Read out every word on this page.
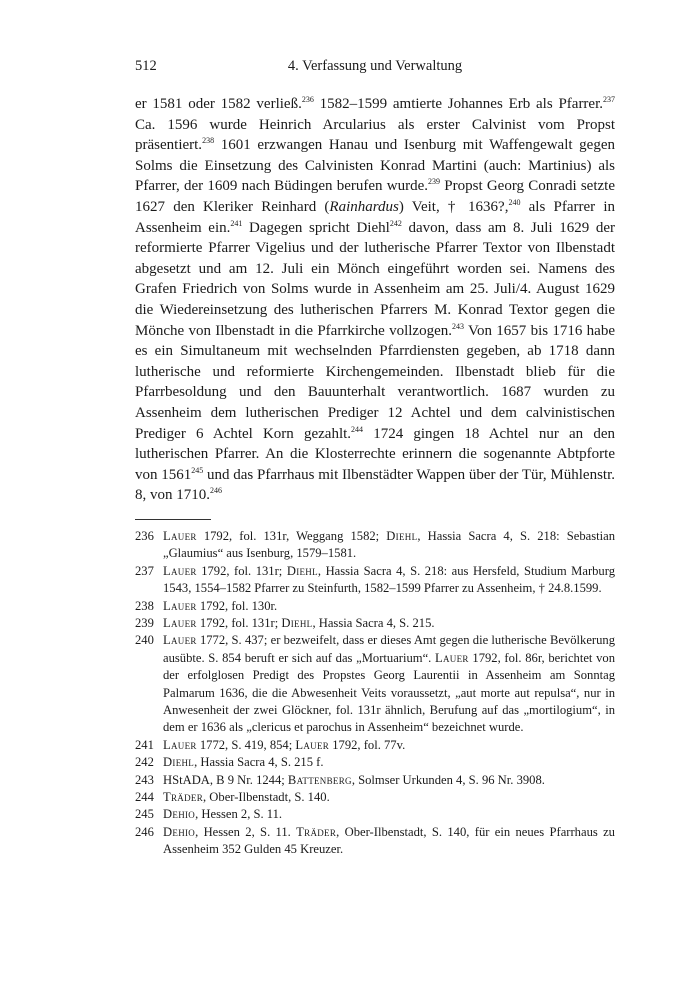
512	4. Verfassung und Verwaltung

er 1581 oder 1582 verließ.$^{236}$ 1582–1599 amtierte Johannes Erb als Pfarrer.$^{237}$ Ca. 1596 wurde Heinrich Arcularius als erster Calvinist vom Propst präsentiert.$^{238}$ 1601 erzwangen Hanau und Isenburg mit Waffengewalt gegen Solms die Einsetzung des Calvinisten Konrad Martini (auch: Martinius) als Pfarrer, der 1609 nach Büdingen berufen wurde.$^{239}$ Propst Georg Conradi setzte 1627 den Kleriker Reinhard (Rainhardus) Veit, † 1636?,$^{240}$ als Pfarrer in Assenheim ein.$^{241}$ Dagegen spricht Diehl$^{242}$ davon, dass am 8. Juli 1629 der reformierte Pfarrer Vigelius und der lutherische Pfarrer Textor von Ilbenstadt abgesetzt und am 12. Juli ein Mönch eingeführt worden sei. Namens des Grafen Friedrich von Solms wurde in Assenheim am 25. Juli/4. August 1629 die Wiedereinsetzung des lutherischen Pfarrers M. Konrad Textor gegen die Mönche von Ilbenstadt in die Pfarrkirche vollzogen.$^{243}$ Von 1657 bis 1716 habe es ein Simultaneum mit wechselnden Pfarrdiensten gegeben, ab 1718 dann lutherische und reformierte Kirchengemeinden. Ilbenstadt blieb für die Pfarrbesoldung und den Bauunterhalt verantwortlich. 1687 wurden zu Assenheim dem lutherischen Prediger 12 Achtel und dem calvinistischen Prediger 6 Achtel Korn gezahlt.$^{244}$ 1724 gingen 18 Achtel nur an den lutherischen Pfarrer. An die Klosterrechte erinnern die sogenannte Abtpforte von 1561$^{245}$ und das Pfarrhaus mit Ilbenstädter Wappen über der Tür, Mühlenstr. 8, von 1710.$^{246}$

236 Lauer 1792, fol. 131r, Weggang 1582; Diehl, Hassia Sacra 4, S. 218: Sebastian „Glaumius“ aus Isenburg, 1579–1581.
237 Lauer 1792, fol. 131r; Diehl, Hassia Sacra 4, S. 218: aus Hersfeld, Studium Marburg 1543, 1554–1582 Pfarrer zu Steinfurth, 1582–1599 Pfarrer zu Assenheim, † 24.8.1599.
238 Lauer 1792, fol. 130r.
239 Lauer 1792, fol. 131r; Diehl, Hassia Sacra 4, S. 215.
240 Lauer 1772, S. 437; er bezweifelt, dass er dieses Amt gegen die lutherische Bevölkerung ausübte. S. 854 beruft er sich auf das „Mortuarium“. Lauer 1792, fol. 86r, berichtet von der erfolglosen Predigt des Propstes Georg Laurentii in Assenheim am Sonntag Palmarum 1636, die die Abwesenheit Veits voraussetzt, „aut morte aut repulsa“, nur in Anwesenheit der zwei Glöckner, fol. 131r ähnlich, Berufung auf das „mortilogium“, in dem er 1636 als „clericus et parochus in Assenheim“ bezeichnet wurde.
241 Lauer 1772, S. 419, 854; Lauer 1792, fol. 77v.
242 Diehl, Hassia Sacra 4, S. 215 f.
243 HStADA, B 9 Nr. 1244; Battenberg, Solmser Urkunden 4, S. 96 Nr. 3908.
244 Träder, Ober-Ilbenstadt, S. 140.
245 Dehio, Hessen 2, S. 11.
246 Dehio, Hessen 2, S. 11. Träder, Ober-Ilbenstadt, S. 140, für ein neues Pfarrhaus zu Assenheim 352 Gulden 45 Kreuzer.
